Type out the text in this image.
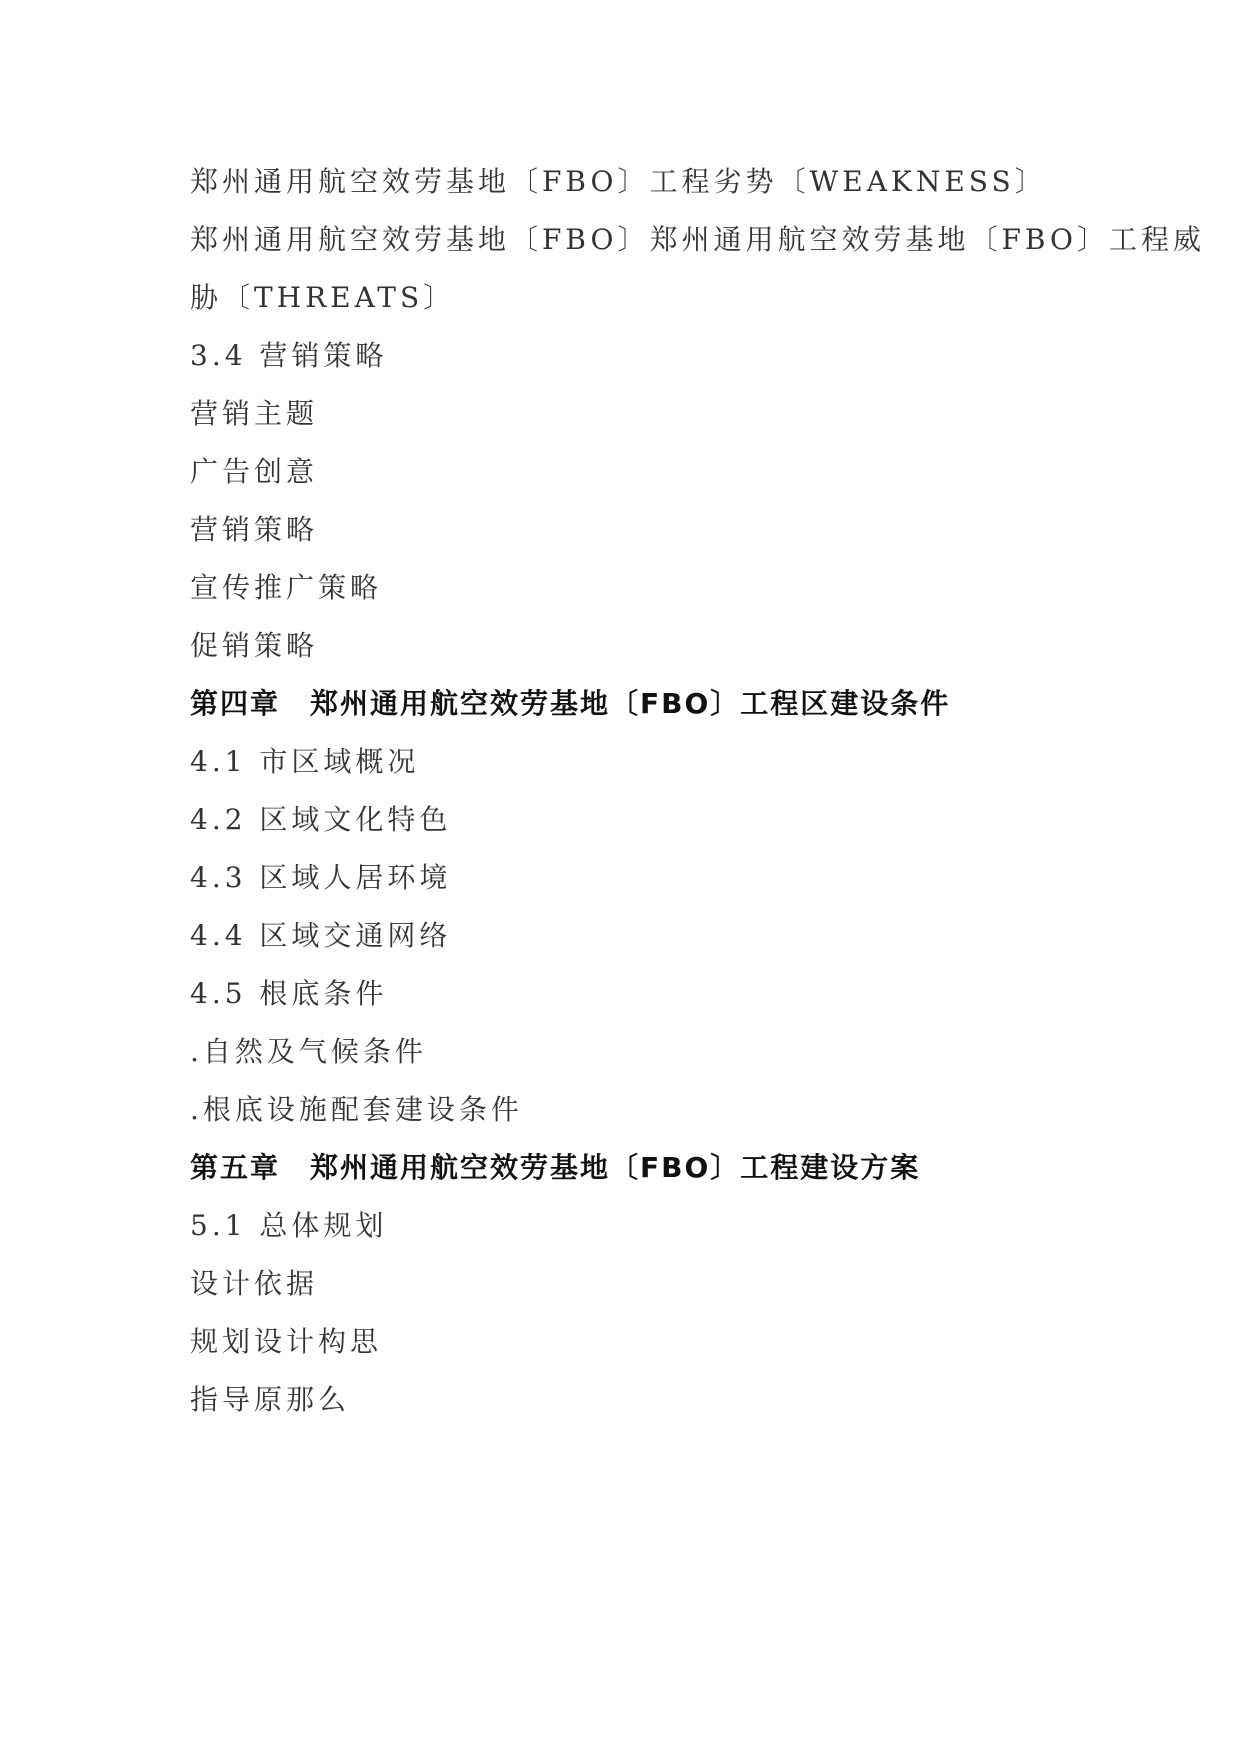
郑州通用航空效劳基地〔FBO〕工程劣势〔WEAKNESS〕
郑州通用航空效劳基地〔FBO〕郑州通用航空效劳基地〔FBO〕工程威
胁〔THREATS〕
3.4 营销策略
营销主题
广告创意
营销策略
宣传推广策略
促销策略
第四章　郑州通用航空效劳基地〔FBO〕工程区建设条件
4.1 市区域概况
4.2 区域文化特色
4.3 区域人居环境
4.4 区域交通网络
4.5 根底条件
.自然及气候条件
.根底设施配套建设条件
第五章　郑州通用航空效劳基地〔FBO〕工程建设方案
5.1 总体规划
设计依据
规划设计构思
指导原那么
